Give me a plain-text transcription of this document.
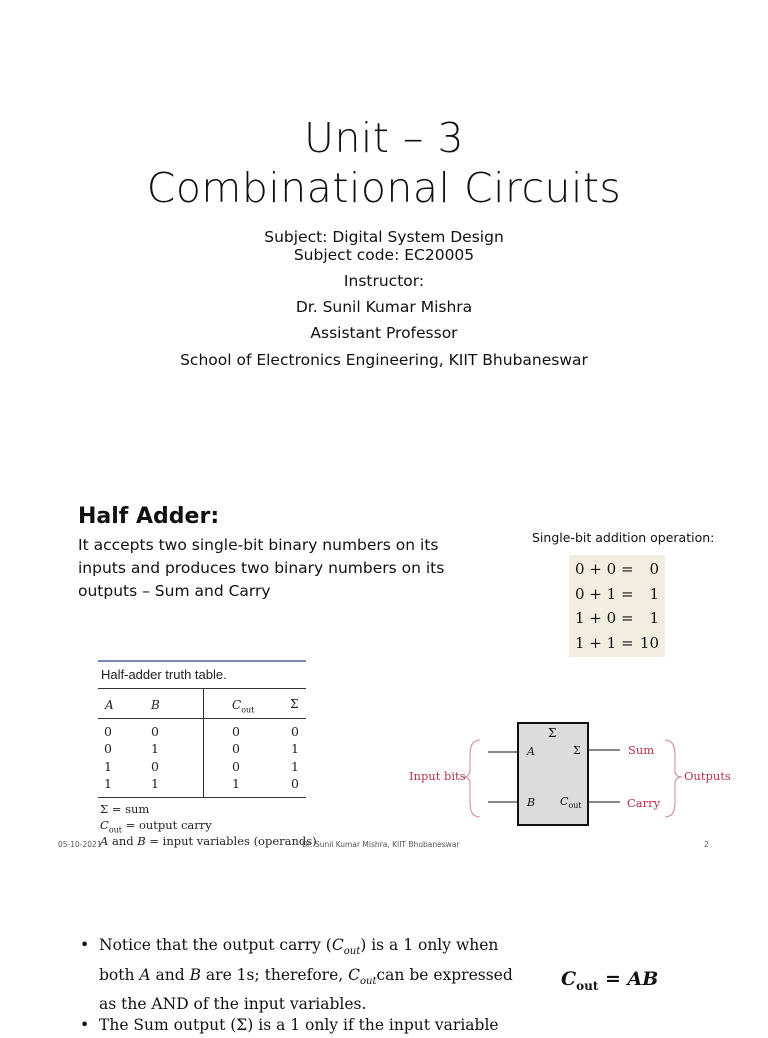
Unit – 3
Combinational Circuits
Subject: Digital System Design
Subject code: EC20005
Instructor:
Dr. Sunil Kumar Mishra
Assistant Professor
School of Electronics Engineering, KIIT Bhubaneswar
Half Adder:
It accepts two single-bit binary numbers on its inputs and produces two binary numbers on its outputs – Sum and Carry
Single-bit addition operation:
0 + 0 = 0
0 + 1 = 1
1 + 0 = 1
1 + 1 = 10
Half-adder truth table.
A	B	$C_{out}$	Σ
0	0	0	0
0	1	0	1
1	0	0	1
1	1	1	0
Σ = sum
$C_{out}$ = output carry
A and B = input variables (operands)
Σ
A	Σ
B $C_{out}$
Input bits
Sum
Carry
Outputs
05-10-2021	Dr. Sunil Kumar Mishra, KIIT Bhubaneswar	2
• Notice that the output carry $(C_{out})$ is a 1 only when
both A and B are 1s; therefore, $C_{out}can$ be expressed
as the AND of the input variables.
$C_{out}$ = AB
• The Sum output (Σ) is a 1 only if the input variable
